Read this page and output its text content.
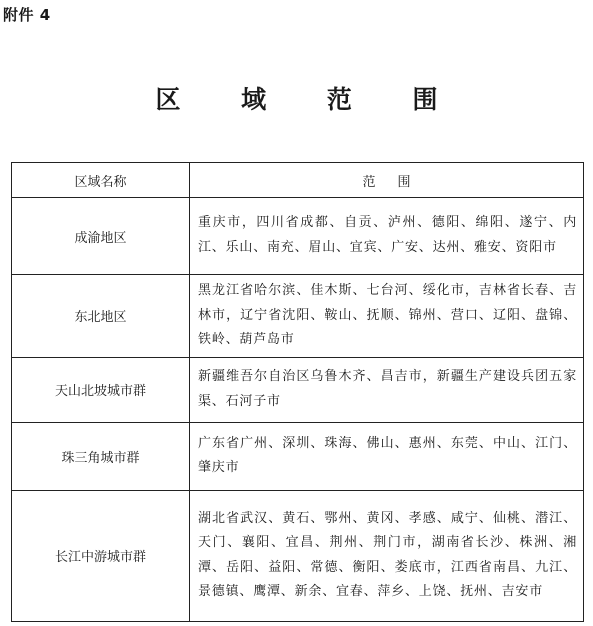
附件 4
区 域 范 围
区域名称	范围
成渝地区	重庆市，四川省成都、自贡、泸州、德阳、绵阳、遂宁、内江、乐山、南充、眉山、宜宾、广安、达州、雅安、资阳市
东北地区	黑龙江省哈尔滨、佳木斯、七台河、绥化市，吉林省长春、吉林市，辽宁省沈阳、鞍山、抚顺、锦州、营口、辽阳、盘锦、铁岭、葫芦岛市
天山北坡城市群	新疆维吾尔自治区乌鲁木齐、昌吉市，新疆生产建设兵团五家渠、石河子市
珠三角城市群	广东省广州、深圳、珠海、佛山、惠州、东莞、中山、江门、肇庆市
长江中游城市群	湖北省武汉、黄石、鄂州、黄冈、孝感、咸宁、仙桃、潜江、天门、襄阳、宜昌、荆州、荆门市，湖南省长沙、株洲、湘潭、岳阳、益阳、常德、衡阳、娄底市，江西省南昌、九江、景德镇、鹰潭、新余、宜春、萍乡、上饶、抚州、吉安市
